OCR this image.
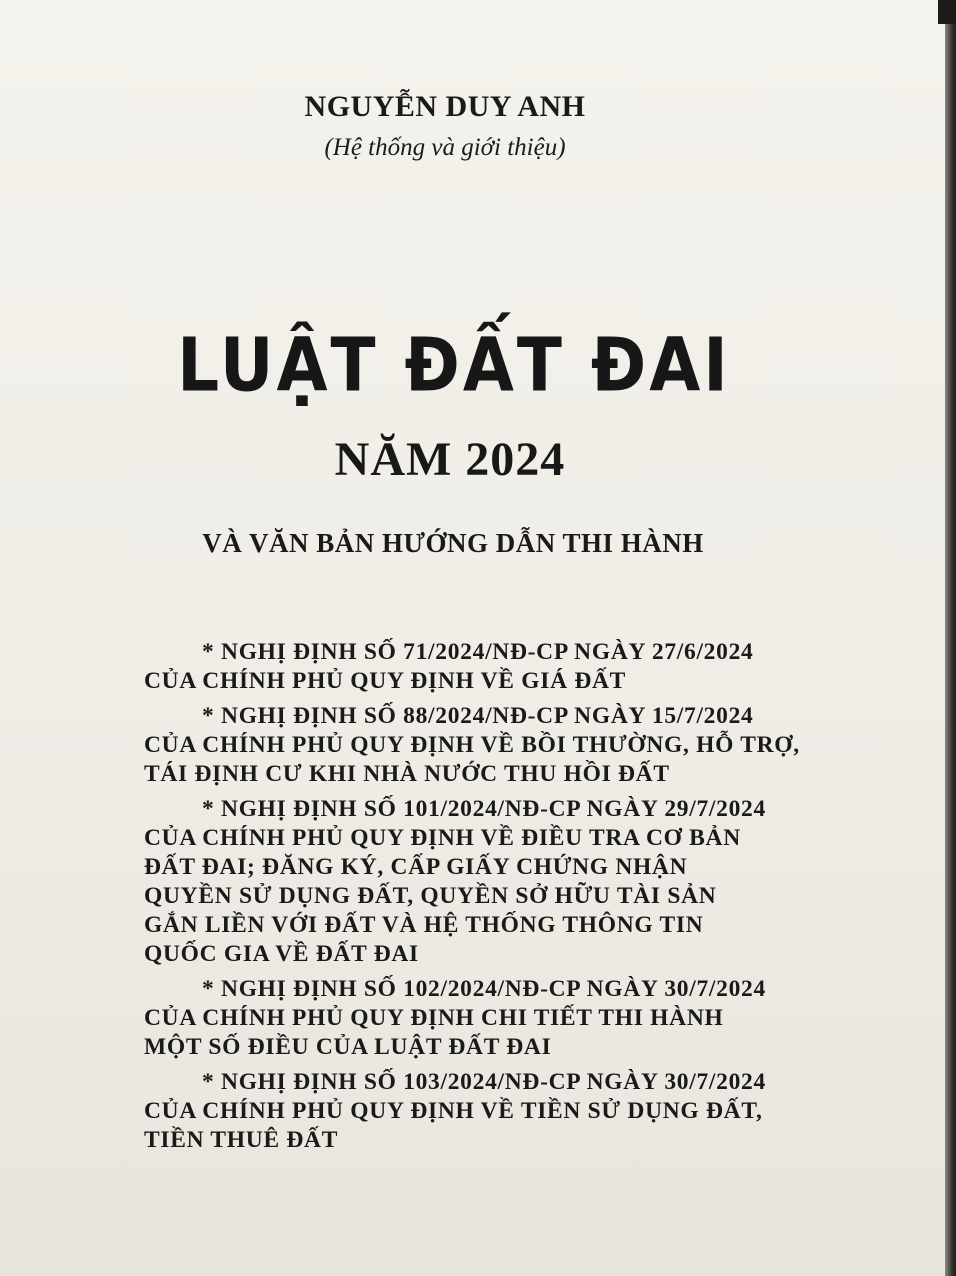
NGUYỄN DUY ANH
(Hệ thống và giới thiệu)
LUẬT ĐẤT ĐAI
NĂM 2024
VÀ VĂN BẢN HƯỚNG DẪN THI HÀNH
* NGHỊ ĐỊNH SỐ 71/2024/NĐ-CP NGÀY 27/6/2024
CỦA CHÍNH PHỦ QUY ĐỊNH VỀ GIÁ ĐẤT
* NGHỊ ĐỊNH SỐ 88/2024/NĐ-CP NGÀY 15/7/2024
CỦA CHÍNH PHỦ QUY ĐỊNH VỀ BỒI THƯỜNG, HỖ TRỢ,
TÁI ĐỊNH CƯ KHI NHÀ NƯỚC THU HỒI ĐẤT
* NGHỊ ĐỊNH SỐ 101/2024/NĐ-CP NGÀY 29/7/2024
CỦA CHÍNH PHỦ QUY ĐỊNH VỀ ĐIỀU TRA CƠ BẢN
ĐẤT ĐAI; ĐĂNG KÝ, CẤP GIẤY CHỨNG NHẬN
QUYỀN SỬ DỤNG ĐẤT, QUYỀN SỞ HỮU TÀI SẢN
GẮN LIỀN VỚI ĐẤT VÀ HỆ THỐNG THÔNG TIN
QUỐC GIA VỀ ĐẤT ĐAI
* NGHỊ ĐỊNH SỐ 102/2024/NĐ-CP NGÀY 30/7/2024
CỦA CHÍNH PHỦ QUY ĐỊNH CHI TIẾT THI HÀNH
MỘT SỐ ĐIỀU CỦA LUẬT ĐẤT ĐAI
* NGHỊ ĐỊNH SỐ 103/2024/NĐ-CP NGÀY 30/7/2024
CỦA CHÍNH PHỦ QUY ĐỊNH VỀ TIỀN SỬ DỤNG ĐẤT,
TIỀN THUÊ ĐẤT
